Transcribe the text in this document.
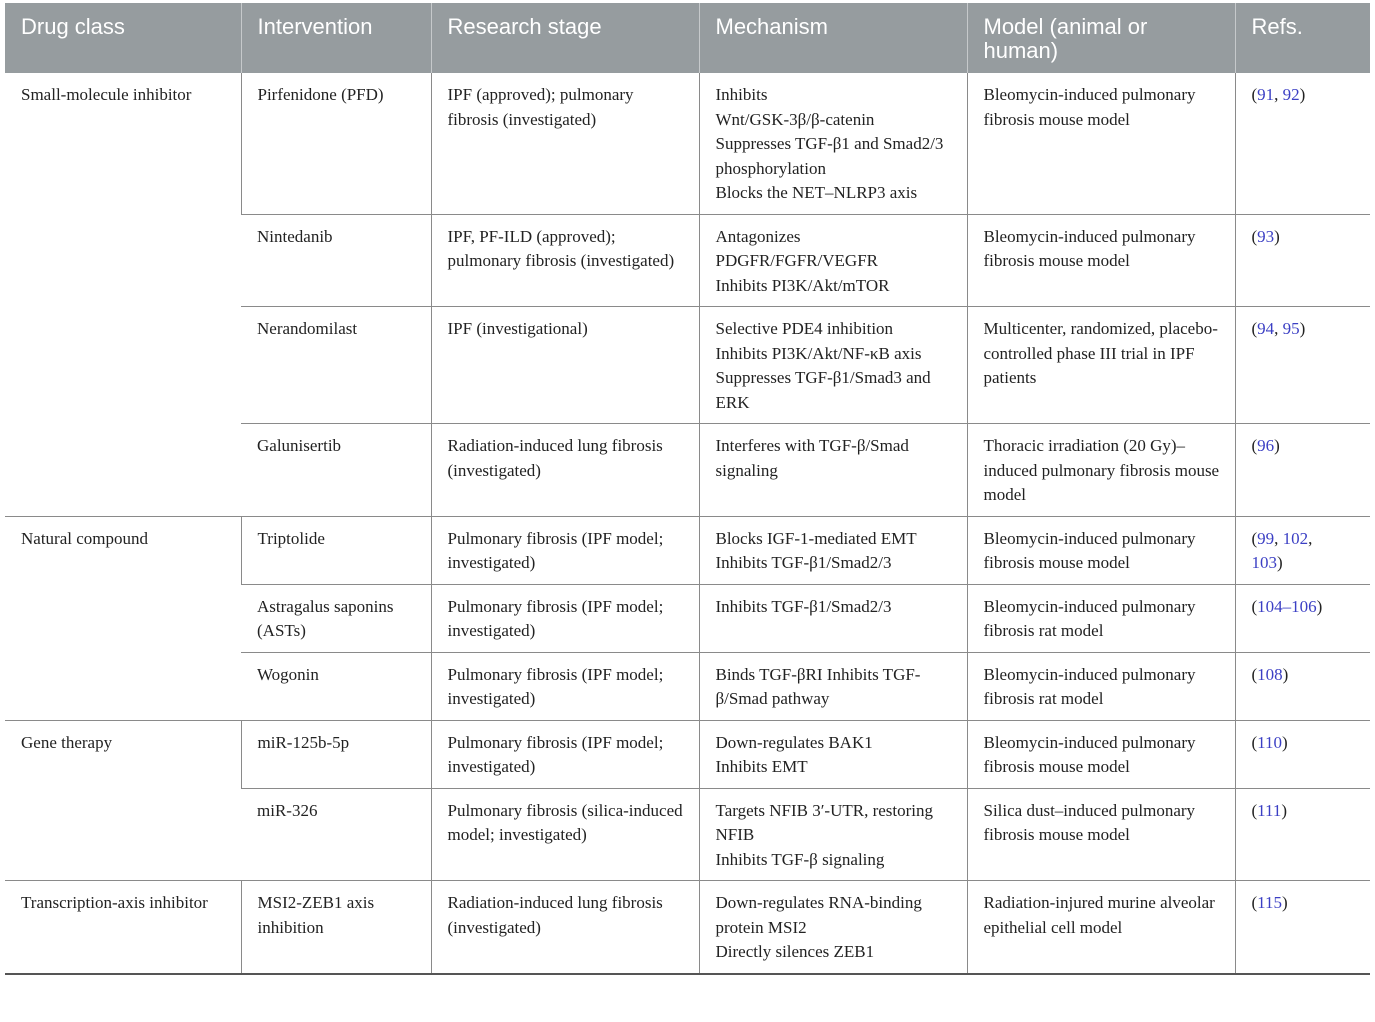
Drug class	Intervention	Research stage	Mechanism	Model (animal or human)	Refs.
Small-molecule inhibitor	Pirfenidone (PFD)	IPF (approved); pulmonary fibrosis (investigated)	Inhibits
Wnt/GSK-3β/β-catenin
Suppresses TGF-β1 and Smad2/3 phosphorylation
Blocks the NET–NLRP3 axis	Bleomycin-induced pulmonary fibrosis mouse model	(91, 92)
	Nintedanib	IPF, PF-ILD (approved); pulmonary fibrosis (investigated)	Antagonizes
PDGFR/FGFR/VEGFR
Inhibits PI3K/Akt/mTOR	Bleomycin-induced pulmonary fibrosis mouse model	(93)
	Nerandomilast	IPF (investigational)	Selective PDE4 inhibition
Inhibits PI3K/Akt/NF-κB axis
Suppresses TGF-β1/Smad3 and ERK	Multicenter, randomized, placebo-controlled phase III trial in IPF patients	(94, 95)
	Galunisertib	Radiation-induced lung fibrosis (investigated)	Interferes with TGF-β/Smad signaling	Thoracic irradiation (20 Gy)–induced pulmonary fibrosis mouse model	(96)
Natural compound	Triptolide	Pulmonary fibrosis (IPF model; investigated)	Blocks IGF-1-mediated EMT
Inhibits TGF-β1/Smad2/3	Bleomycin-induced pulmonary fibrosis mouse model	(99, 102,
103)
	Astragalus saponins (ASTs)	Pulmonary fibrosis (IPF model; investigated)	Inhibits TGF-β1/Smad2/3	Bleomycin-induced pulmonary fibrosis rat model	(104–106)
	Wogonin	Pulmonary fibrosis (IPF model; investigated)	Binds TGF-βRI Inhibits TGF-β/Smad pathway	Bleomycin-induced pulmonary fibrosis rat model	(108)
Gene therapy	miR-125b-5p	Pulmonary fibrosis (IPF model; investigated)	Down-regulates BAK1
Inhibits EMT	Bleomycin-induced pulmonary fibrosis mouse model	(110)
	miR-326	Pulmonary fibrosis (silica-induced model; investigated)	Targets NFIB 3′-UTR, restoring NFIB
Inhibits TGF-β signaling	Silica dust–induced pulmonary fibrosis mouse model	(111)
Transcription-axis inhibitor	MSI2-ZEB1 axis inhibition	Radiation-induced lung fibrosis (investigated)	Down-regulates RNA-binding protein MSI2
Directly silences ZEB1	Radiation-injured murine alveolar epithelial cell model	(115)
